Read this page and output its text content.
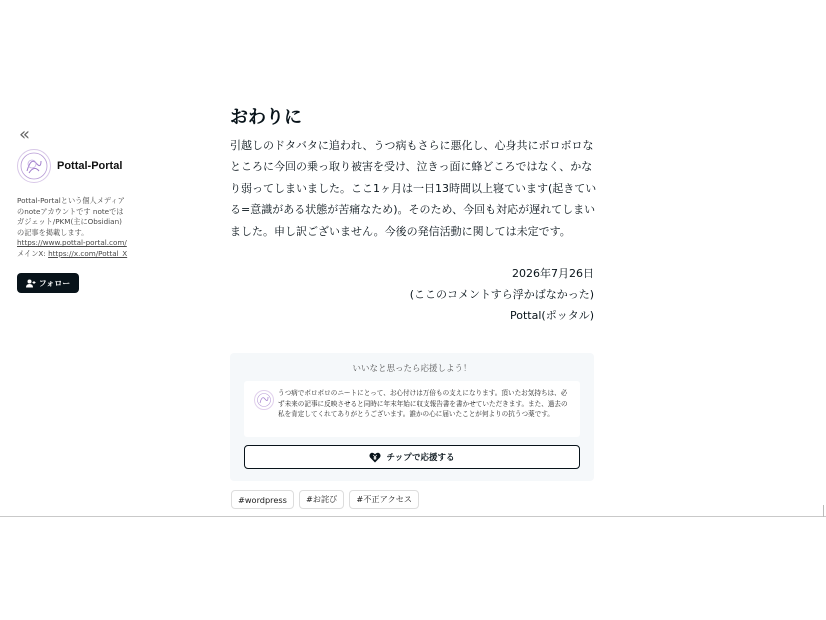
«
Pottal-Portal
Pottal-Portalという個人メディアのnoteアカウントです noteではガジェット/PKM(主にObsidian)の記事を掲載します。
https://www.pottal-portal.com/ メインX: https://x.com/Pottal_X
フォロー
おわりに
引越しのドタバタに追われ、うつ病もさらに悪化し、心身共にボロボロなところに今回の乗っ取り被害を受け、泣きっ面に蜂どころではなく、かなり弱ってしまいました。ここ1ヶ月は一日13時間以上寝ています(起きている=意識がある状態が苦痛なため)。そのため、今回も対応が遅れてしまいました。申し訳ございません。今後の発信活動に関しては未定です。
2026年7月26日
(ここのコメントすら浮かばなかった)
Pottal(ポッタル)
いいなと思ったら応援しよう！
うつ病でボロボロのニートにとって、お心付けは万倍もの支えになります。頂いたお気持ちは、必ず未来の記事に反映させると同時に年末年始に収支報告書を書かせていただきます。また、過去の私を肯定してくれてありがとうございます。誰かの心に届いたことが何よりの抗うつ薬です。
チップで応援する
#wordpress	#お詫び	#不正アクセス
